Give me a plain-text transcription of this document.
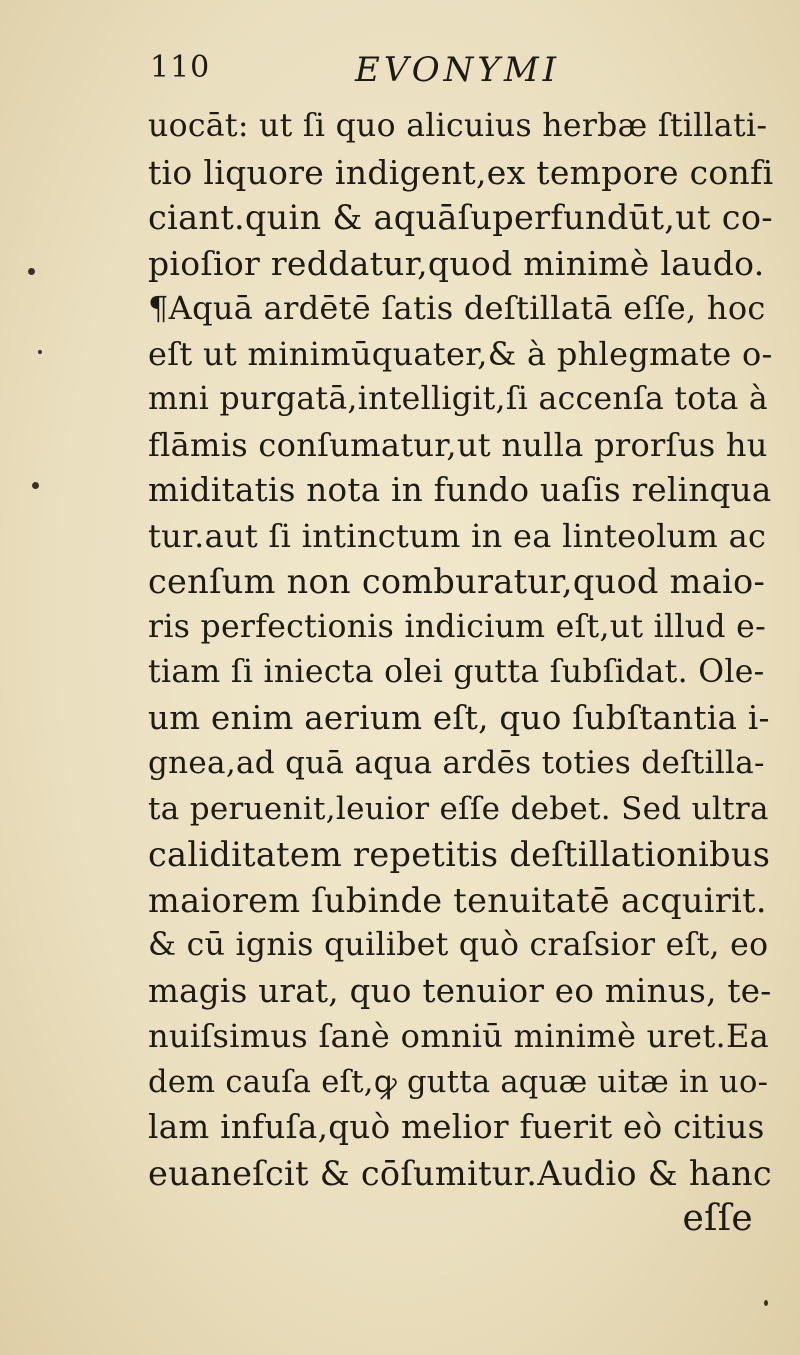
110	EVONYMI
uocāt: ut ſi quo alicuius herbæ ſtillati-
tio liquore indigent,ex tempore confi
ciant.quin & aquāſuperfundūt,ut co-
pioſior reddatur,quod minimè laudo.
¶Aquā ardētē ſatis deſtillatā eſſe, hoc
eſt ut minimūquater,& à phlegmate o-
mni purgatā,intelligit,ſi accenſa tota à
flāmis conſumatur,ut nulla prorſus hu
miditatis nota in fundo uaſis relinqua
tur.aut ſi intinctum in ea linteolum ac
cenſum non comburatur,quod maio-
ris perfectionis indicium eſt,ut illud e-
tiam ſi iniecta olei gutta ſubſidat. Ole-
um enim aerium eſt, quo ſubſtantia i-
gnea,ad quā aqua ardēs toties deſtilla-
ta peruenit,leuior eſſe debet. Sed ultra
caliditatem repetitis deſtillationibus
maiorem ſubinde tenuitatē acquirit.
& cū ignis quilibet quò craſsior eſt, eo
magis urat, quo tenuior eo minus, te-
nuiſsimus ſanè omniū minimè uret.Ea
dem cauſa eſt,ꝙ gutta aquæ uitæ in uo-
lam infuſa,quò melior fuerit eò citius
euaneſcit & cōſumitur.Audio & hanc
eſſe
